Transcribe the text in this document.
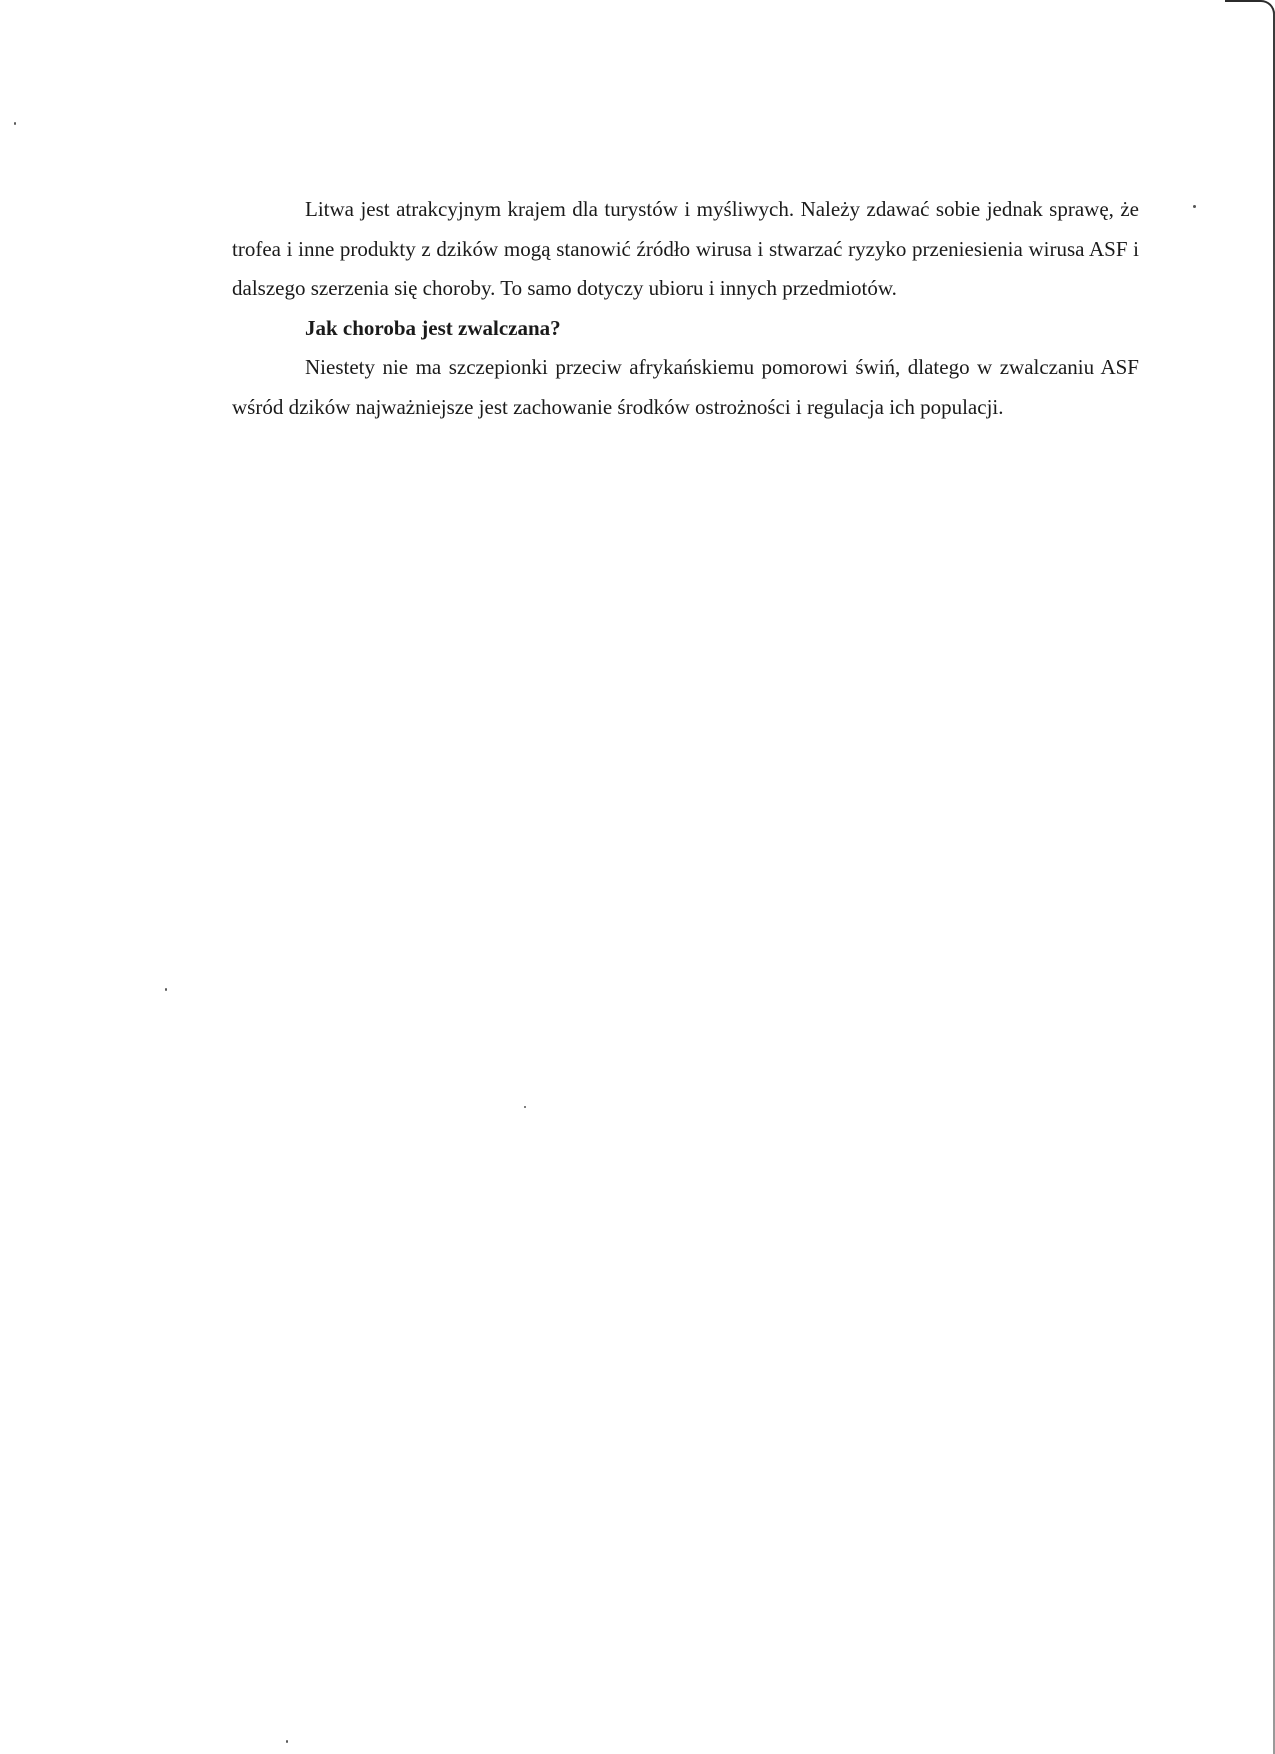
Litwa jest atrakcyjnym krajem dla turystów i myśliwych. Należy zdawać sobie jednak sprawę, że trofea i inne produkty z dzików mogą stanowić źródło wirusa i stwarzać ryzyko przeniesienia wirusa ASF i dalszego szerzenia się choroby. To samo dotyczy ubioru i innych przedmiotów.

Jak choroba jest zwalczana?

Niestety nie ma szczepionki przeciw afrykańskiemu pomorowi świń, dlatego w zwalczaniu ASF wśród dzików najważniejsze jest zachowanie środków ostrożności i regulacja ich populacji.
